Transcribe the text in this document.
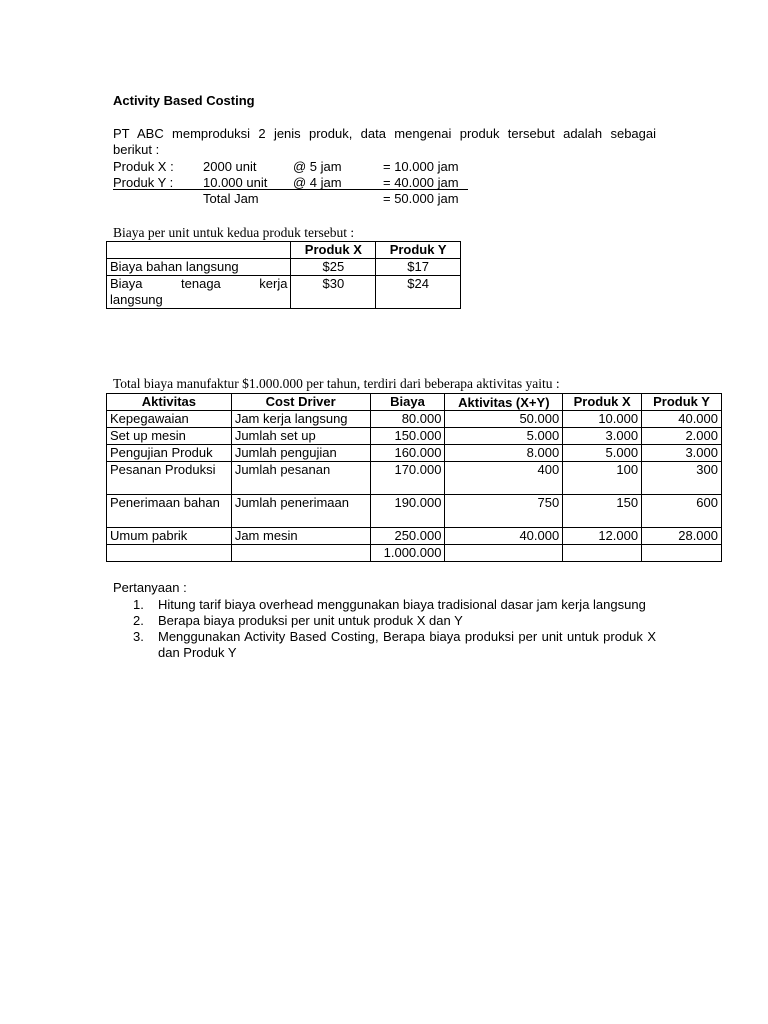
Activity Based Costing
PT ABC memproduksi 2 jenis produk, data mengenai produk tersebut adalah sebagai
berikut :
Produk X : 2000 unit	@ 5 jam	= 10.000 jam
Produk Y : 10.000 unit @ 4 jam	= 40.000 jam
Total Jam	= 50.000 jam
Biaya per unit untuk kedua produk tersebut :
	Produk X	Produk Y
Biaya bahan langsung	$25	$17

Biaya tenaga kerja
langsung	$30	$24
Total biaya manufaktur $1.000.000 per tahun, terdiri dari beberapa aktivitas yaitu :
Aktivitas	Cost Driver	Biaya	Aktivitas (X+Y)	Produk X	Produk Y
Kepegawaian	Jam kerja langsung	80.000	50.000	10.000	40.000
Set up mesin	Jumlah set up	150.000	5.000	3.000	2.000
Pengujian Produk	Jumlah pengujian	160.000	8.000	5.000	3.000
Pesanan Produksi	Jumlah pesanan	170.000	400	100	300
Penerimaan bahan	Jumlah penerimaan	190.000	750	150	600
Umum pabrik	Jam mesin	250.000	40.000	12.000	28.000
		1.000.000			
Pertanyaan :
1. Hitung tarif biaya overhead menggunakan biaya tradisional dasar jam kerja langsung
2. Berapa biaya produksi per unit untuk produk X dan Y
3. Menggunakan Activity Based Costing, Berapa biaya produksi per unit untuk produk X dan Produk Y
